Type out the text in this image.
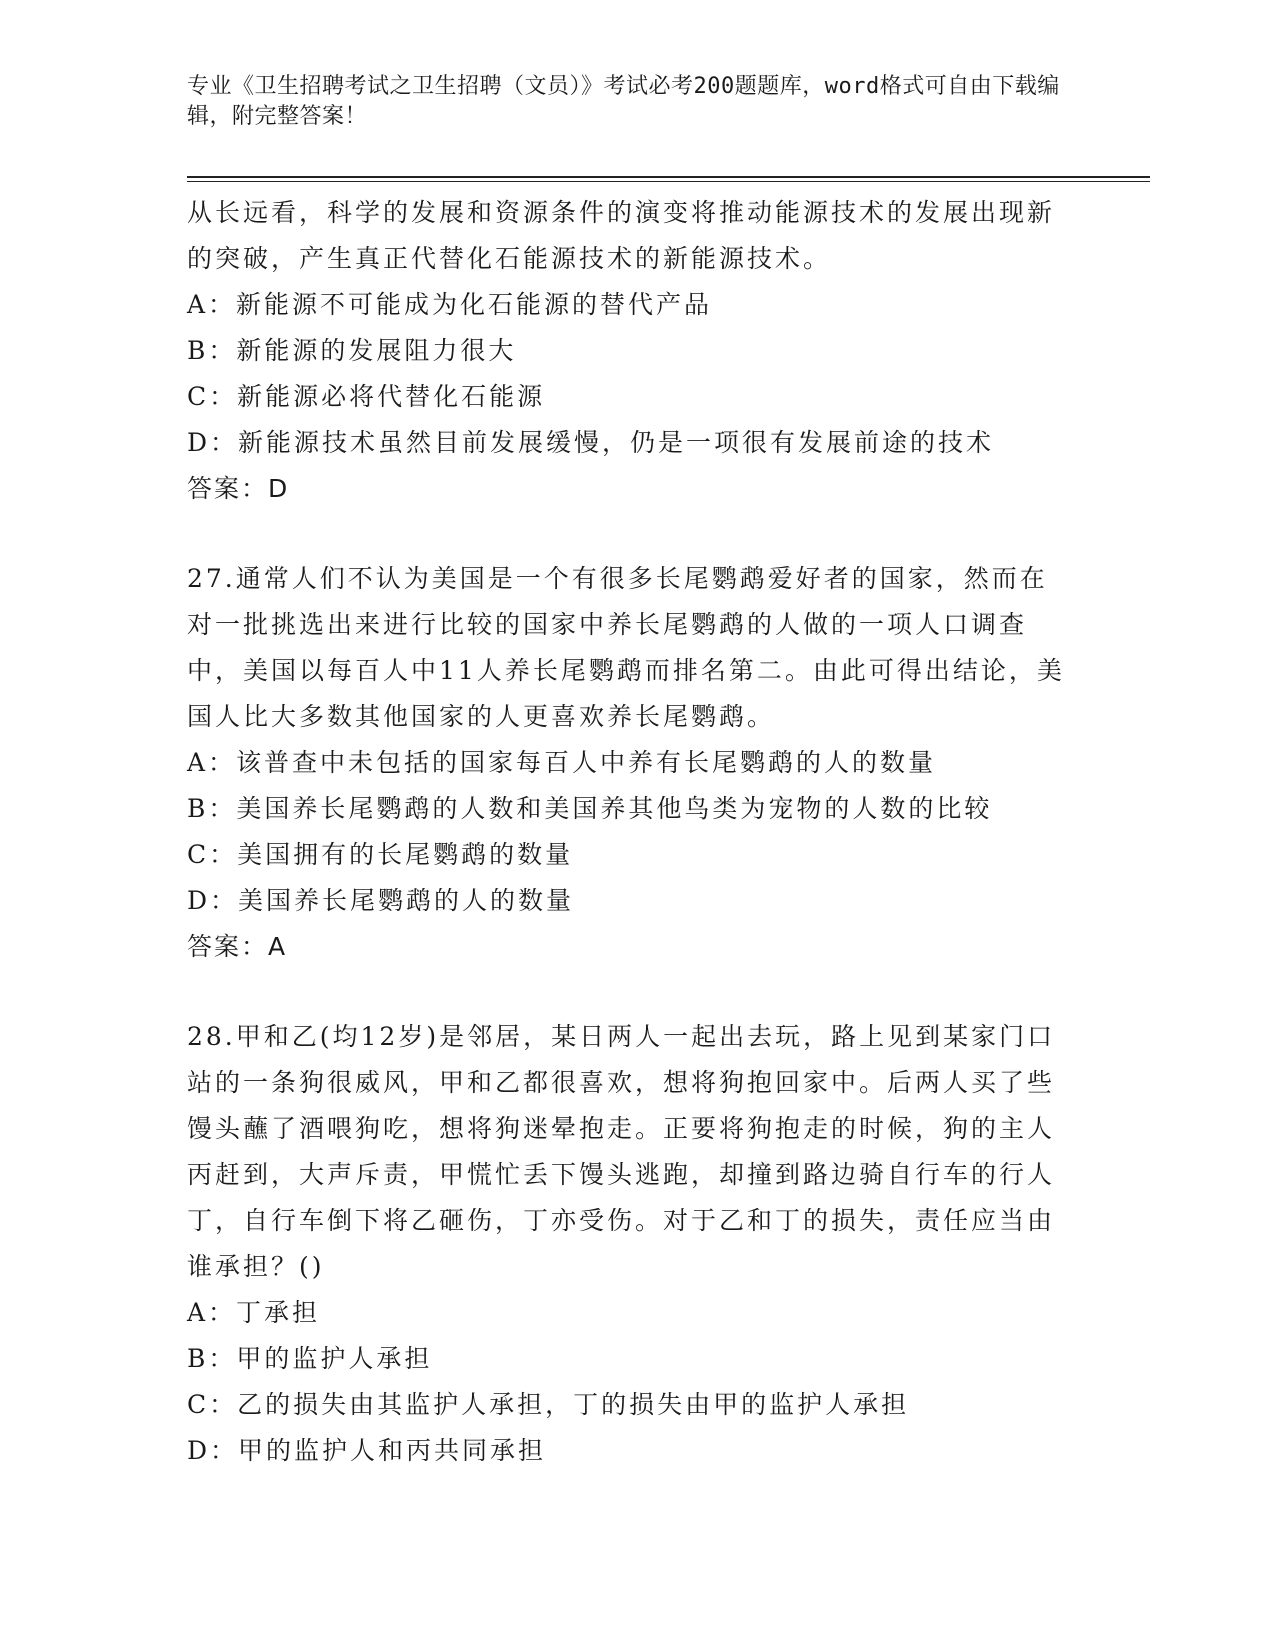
专业《卫生招聘考试之卫生招聘（文员）》考试必考200题题库，word格式可自由下载编辑，附完整答案！

从长远看，科学的发展和资源条件的演变将推动能源技术的发展出现新的突破，产生真正代替化石能源技术的新能源技术。

A：新能源不可能成为化石能源的替代产品

B：新能源的发展阻力很大

C：新能源必将代替化石能源

D：新能源技术虽然目前发展缓慢，仍是一项很有发展前途的技术

答案：D

27.通常人们不认为美国是一个有很多长尾鹦鹉爱好者的国家，然而在对一批挑选出来进行比较的国家中养长尾鹦鹉的人做的一项人口调查中，美国以每百人中11人养长尾鹦鹉而排名第二。由此可得出结论，美国人比大多数其他国家的人更喜欢养长尾鹦鹉。

A：该普查中未包括的国家每百人中养有长尾鹦鹉的人的数量

B：美国养长尾鹦鹉的人数和美国养其他鸟类为宠物的人数的比较

C：美国拥有的长尾鹦鹉的数量

D：美国养长尾鹦鹉的人的数量

答案：A

28.甲和乙(均12岁)是邻居，某日两人一起出去玩，路上见到某家门口站的一条狗很威风，甲和乙都很喜欢，想将狗抱回家中。后两人买了些馒头蘸了酒喂狗吃，想将狗迷晕抱走。正要将狗抱走的时候，狗的主人丙赶到，大声斥责，甲慌忙丢下馒头逃跑，却撞到路边骑自行车的行人丁，自行车倒下将乙砸伤，丁亦受伤。对于乙和丁的损失，责任应当由谁承担？()

A：丁承担

B：甲的监护人承担

C：乙的损失由其监护人承担，丁的损失由甲的监护人承担

D：甲的监护人和丙共同承担
